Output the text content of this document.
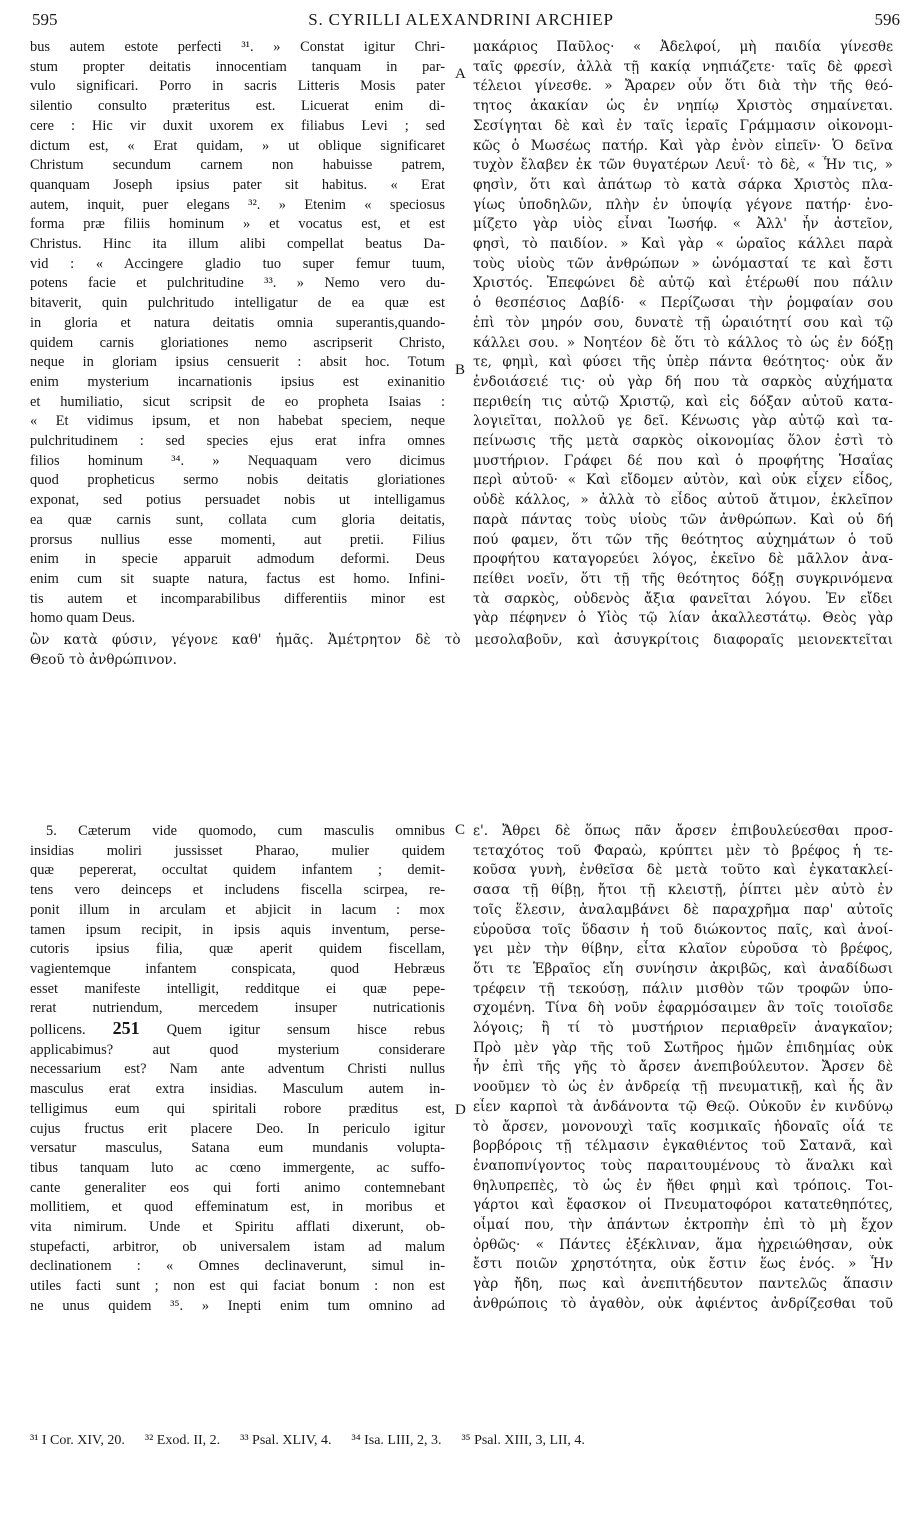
595	S. CYRILLI ALEXANDRINI ARCHIEP	596
bus autem estote perfecti ³¹. » Constat igitur Chri-
stum propter deitatis innocentiam tanquam in par-
vulo significari. Porro in sacris Litteris Mosis pater
silentio consulto præteritus est. Licuerat enim di-
cere : Hic vir duxit uxorem ex filiabus Levi ; sed
dictum est, « Erat quidam, » ut oblique significaret
Christum secundum carnem non habuisse patrem,
quanquam Joseph ipsius pater sit habitus. « Erat
autem, inquit, puer elegans ³². » Etenim « speciosus
forma præ filiis hominum » et vocatus est, et est
Christus. Hinc ita illum alibi compellat beatus Da-
vid : « Accingere gladio tuo super femur tuum,
potens facie et pulchritudine ³³. » Nemo vero du-
bitaverit, quin pulchritudo intelligatur de ea quæ est
in gloria et natura deitatis omnia superantis,quando-
quidem carnis gloriationes nemo ascripserit Christo,
neque in gloriam ipsius censuerit : absit hoc. Totum
enim mysterium incarnationis ipsius est exinanitio
et humiliatio, sicut scripsit de eo propheta Isaias :
« Et vidimus ipsum, et non habebat speciem, neque
pulchritudinem : sed species ejus erat infra omnes
filios hominum ³⁴. » Nequaquam vero dicimus
quod propheticus sermo nobis deitatis gloriationes
exponat, sed potius persuadet nobis ut intelligamus
ea quæ carnis sunt, collata cum gloria deitatis,
prorsus nullius esse momenti, aut pretii. Filius
enim in specie apparuit admodum deformi. Deus
enim cum sit suapte natura, factus est homo. Infini-
tis autem et incomparabilibus differentiis minor est
homo quam Deus.
μακάριος Παῦλος· « Ἀδελφοί, μὴ παιδία γίνεσθε
ταῖς φρεσίν, ἀλλὰ τῇ κακίᾳ νηπιάζετε· ταῖς δὲ φρεσὶ
τέλειοι γίνεσθε. » Ἄραρεν οὖν ὅτι διὰ τὴν τῆς θεό-
τητος ἀκακίαν ὡς ἐν νηπίῳ Χριστὸς σημαίνεται.
Σεσίγηται δὲ καὶ ἐν ταῖς ἱεραῖς Γράμμασιν οἰκονομι-
κῶς ὁ Μωσέως πατήρ. Καὶ γὰρ ἐνὸν εἰπεῖν· Ὁ δεῖνα
τυχὸν ἔλαβεν ἐκ τῶν θυγατέρων Λευΐ· τὸ δὲ, « Ἦν τις, »
φησὶν, ὅτι καὶ ἀπάτωρ τὸ κατὰ σάρκα Χριστὸς πλα-
γίως ὑποδηλῶν, πλὴν ἐν ὑποψίᾳ γέγονε πατήρ· ἐνο-
μίζετο γὰρ υἱὸς εἶναι Ἰωσήφ. « Ἀλλ' ἦν ἀστεῖον,
φησὶ, τὸ παιδίον. » Καὶ γὰρ « ὡραῖος κάλλει παρὰ
τοὺς υἱοὺς τῶν ἀνθρώπων » ὠνόμασταί τε καὶ ἔστι
Χριστός. Ἐπεφώνει δὲ αὐτῷ καὶ ἑτέρωθί που πάλιν
ὁ θεσπέσιος Δαβίδ· « Περίζωσαι τὴν ῥομφαίαν σου
ἐπὶ τὸν μηρόν σου, δυνατὲ τῇ ὡραιότητί σου καὶ τῷ
κάλλει σου. » Νοητέον δὲ ὅτι τὸ κάλλος τὸ ὡς ἐν δόξῃ
τε, φημὶ, καὶ φύσει τῆς ὑπὲρ πάντα θεότητος· οὐκ ἄν
ἐνδοιάσειέ τις· οὐ γὰρ δή που τὰ σαρκὸς αὐχήματα
περιθείη τις αὐτῷ Χριστῷ, καὶ εἰς δόξαν αὐτοῦ κατα-
λογιεῖται, πολλοῦ γε δεῖ. Κένωσις γὰρ αὐτῷ καὶ τα-
πείνωσις τῆς μετὰ σαρκὸς οἰκονομίας ὅλον ἐστὶ τὸ
μυστήριον. Γράφει δέ που καὶ ὁ προφήτης Ἡσαΐας
περὶ αὐτοῦ· « Καὶ εἴδομεν αὐτὸν, καὶ οὐκ εἶχεν εἶδος,
οὐδὲ κάλλος, » ἀλλὰ τὸ εἶδος αὐτοῦ ἄτιμον, ἐκλεῖπον
παρὰ πάντας τοὺς υἱοὺς τῶν ἀνθρώπων. Καὶ οὐ δή
πού φαμεν, ὅτι τῶν τῆς θεότητος αὐχημάτων ὁ τοῦ
προφήτου καταγορεύει λόγος, ἐκεῖνο δὲ μᾶλλον ἀνα-
πείθει νοεῖν, ὅτι τῇ τῆς θεότητος δόξῃ συγκρινόμενα
τὰ σαρκὸς, οὐδενὸς ἄξια φανεῖται λόγου. Ἐν εἴδει
γὰρ πέφηνεν ὁ Υἱὸς τῷ λίαν ἀκαλλεστάτῳ. Θεὸς γὰρ
A
B
C
D
ὢν κατὰ φύσιν, γέγονε καθ' ἡμᾶς. Ἀμέτρητον δὲ τὸ μεσολαβοῦν, καὶ ἀσυγκρίτοις διαφοραῖς μειονεκτεῖται
Θεοῦ τὸ ἀνθρώπινον.
5. Cæterum vide quomodo, cum masculis omnibus
insidias moliri jussisset Pharao, mulier quidem
quæ pepererat, occultat quidem infantem ; demit-
tens vero deinceps et includens fiscella scirpea, re-
ponit illum in arculam et abjicit in lacum : mox
tamen ipsum recipit, in ipsis aquis inventum, perse-
cutoris ipsius filia, quæ aperit quidem fiscellam,
vagientemque infantem conspicata, quod Hebræus
esset manifeste intelligit, redditque ei quæ pepe-
rerat nutriendum, mercedem insuper nutricationis
pollicens. 251 Quem igitur sensum hisce rebus
applicabimus? aut quod mysterium considerare
necessarium est? Nam ante adventum Christi nullus
masculus erat extra insidias. Masculum autem in-
telligimus eum qui spiritali robore præditus est,
cujus fructus erit placere Deo. In periculo igitur
versatur masculus, Satana eum mundanis volupta-
tibus tanquam luto ac cœno immergente, ac suffo-
cante generaliter eos qui forti animo contemnebant
mollitiem, et quod effeminatum est, in moribus et
vita nimirum. Unde et Spiritu afflati dixerunt, ob-
stupefacti, arbitror, ob universalem istam ad malum
declinationem : « Omnes declinaverunt, simul in-
utiles facti sunt ; non est qui faciat bonum : non est
ne unus quidem ³⁵. » Inepti enim tum omnino ad
ε'. Ἄθρει δὲ ὅπως πᾶν ἄρσεν ἐπιβουλεύεσθαι προσ-
τεταχότος τοῦ Φαραὼ, κρύπτει μὲν τὸ βρέφος ἡ τε-
κοῦσα γυνὴ, ἐνθεῖσα δὲ μετὰ τοῦτο καὶ ἐγκατακλεί-
σασα τῇ θίβῃ, ἤτοι τῇ κλειστῇ, ῥίπτει μὲν αὐτὸ ἐν
τοῖς ἕλεσιν, ἀναλαμβάνει δὲ παραχρῆμα παρ' αὐτοῖς
εὑροῦσα τοῖς ὕδασιν ἡ τοῦ διώκοντος παῖς, καὶ ἀνοί-
γει μὲν τὴν θίβην, εἶτα κλαῖον εὑροῦσα τὸ βρέφος,
ὅτι τε Ἑβραῖος εἴη συνίησιν ἀκριβῶς, καὶ ἀναδίδωσι
τρέφειν τῇ τεκούσῃ, πάλιν μισθὸν τῶν τροφῶν ὑπο-
σχομένη. Τίνα δὴ νοῦν ἐφαρμόσαιμεν ἂν τοῖς τοιοῖσδε
λόγοις; ἢ τί τὸ μυστήριον περιαθρεῖν ἀναγκαῖον;
Πρὸ μὲν γὰρ τῆς τοῦ Σωτῆρος ἡμῶν ἐπιδημίας οὐκ
ἦν ἐπὶ τῆς γῆς τὸ ἄρσεν ἀνεπιβούλευτον. Ἄρσεν δὲ
νοοῦμεν τὸ ὡς ἐν ἀνδρείᾳ τῇ πνευματικῇ, καὶ ἧς ἂν
εἶεν καρποὶ τὰ ἁνδάνοντα τῷ Θεῷ. Οὐκοῦν ἐν κινδύνῳ
τὸ ἄρσεν, μονονουχὶ ταῖς κοσμικαῖς ἡδοναῖς οἷά τε
βορβόροις τῇ τέλμασιν ἐγκαθιέντος τοῦ Σατανᾶ, καὶ
ἐναποπνίγοντος τοὺς παραιτουμένους τὸ ἅναλκι καὶ
θηλυπρεπὲς, τὸ ὡς ἐν ἤθει φημὶ καὶ τρόποις. Τοι-
γάρτοι καὶ ἔφασκον οἱ Πνευματοφόροι κατατεθηπότες,
οἶμαί που, τὴν ἁπάντων ἐκτροπὴν ἐπὶ τὸ μὴ ἔχον
ὀρθῶς· « Πάντες ἐξέκλιναν, ἅμα ἠχρειώθησαν, οὐκ
ἔστι ποιῶν χρηστότητα, οὐκ ἔστιν ἕως ἑνός. » Ἦν
γὰρ ἤδη, πως καὶ ἀνεπιτήδευτον παντελῶς ἅπασιν
ἀνθρώποις τὸ ἀγαθὸν, οὐκ ἀφιέντος ἀνδρίζεσθαι τοῦ
³¹ I Cor. XIV, 20. ³² Exod. II, 2. ³³ Psal. XLIV, 4. ³⁴ Isa. LIII, 2, 3. ³⁵ Psal. XIII, 3, LII, 4.
